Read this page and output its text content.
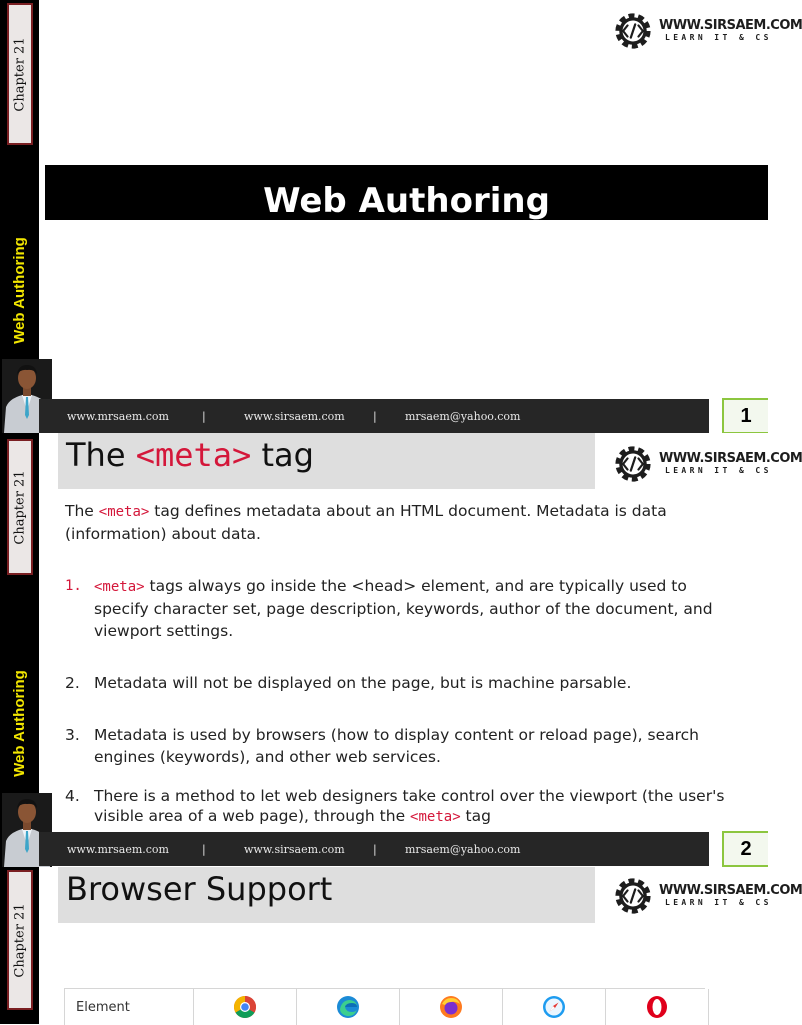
Chapter 21
Web Authoring
WWW.SIRSAEM.COM
LEARN IT & CS
Web Authoring
www.mrsaem.com	|	www.sirsaem.com	|	mrsaem@yahoo.com	1
Chapter 21
Web Authoring
The <meta> tag	WWW.SIRSAEM.COM
LEARN IT & CS
The <meta> tag defines metadata about an HTML document. Metadata is data (information) about data.
1. <meta> tags always go inside the <head> element, and are typically used to specify character set, page description, keywords, author of the document, and viewport settings.
2. Metadata will not be displayed on the page, but is machine parsable.
3. Metadata is used by browsers (how to display content or reload page), search engines (keywords), and other web services.
4. There is a method to let web designers take control over the viewport (the user's visible area of a web page), through the <meta> tag
www.mrsaem.com	|	www.sirsaem.com	|	mrsaem@yahoo.com	2
Chapter 21
Browser Support	WWW.SIRSAEM.COM
LEARN IT & CS
Element
